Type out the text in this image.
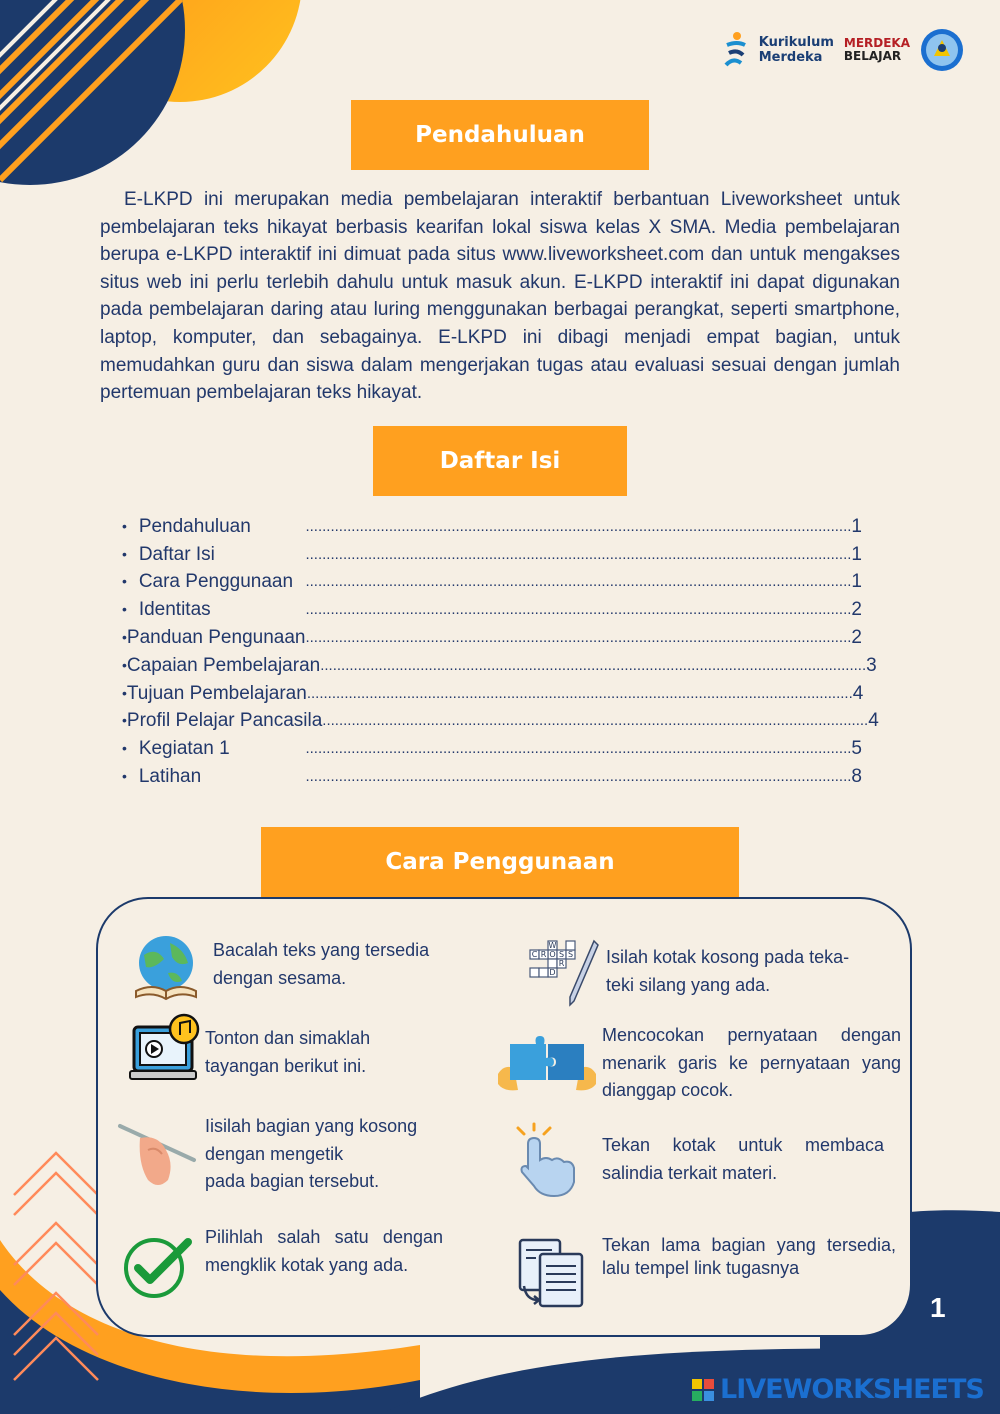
Kurikulum
Merdeka
MERDEKA
BELAJAR
Pendahuluan

E-LKPD ini merupakan media pembelajaran interaktif berbantuan Liveworksheet untuk pembelajaran teks hikayat berbasis kearifan lokal siswa kelas X SMA. Media pembelajaran berupa e-LKPD interaktif ini dimuat pada situs www.liveworksheet.com dan untuk mengakses situs web ini perlu terlebih dahulu untuk masuk akun. E-LKPD interaktif ini dapat digunakan pada pembelajaran daring atau luring menggunakan berbagai perangkat, seperti smartphone, laptop, komputer, dan sebagainya. E-LKPD ini dibagi menjadi empat bagian, untuk memudahkan guru dan siswa dalam mengerjakan tugas atau evaluasi sesuai dengan jumlah pertemuan pembelajaran teks hikayat.

Daftar Isi
• Pendahuluan	................................................................................................................................... 1
• Daftar Isi	................................................................................................................................... 1
• Cara Penggunaan ................................................................................................................................... 1
• Identitas	................................................................................................................................... 2
• Panduan Pengunaan ................................................................................................................................... 2
• Capaian Pembelajaran ................................................................................................................................... 3
• Tujuan Pembelajaran ................................................................................................................................... 4
• Profil Pelajar Pancasila ................................................................................................................................... 4
• Kegiatan 1	................................................................................................................................... 5
• Latihan	................................................................................................................................... 8
Cara Penggunaan
Bacalah teks yang tersedia dengan sesama.
W
C R O S S
R
D
Isilah kotak kosong pada teka-teki silang yang ada.
Tonton dan simaklah tayangan berikut ini.
Mencocokan pernyataan dengan menarik garis ke pernyataan yang dianggap cocok.
Iisilah bagian yang kosong
dengan mengetik
pada bagian tersebut.
Tekan kotak untuk membaca salindia terkait materi.
Pilihlah salah satu dengan mengklik kotak yang ada.
Tekan lama bagian yang tersedia, lalu tempel link tugasnya
1
LIVEWORKSHEETS
